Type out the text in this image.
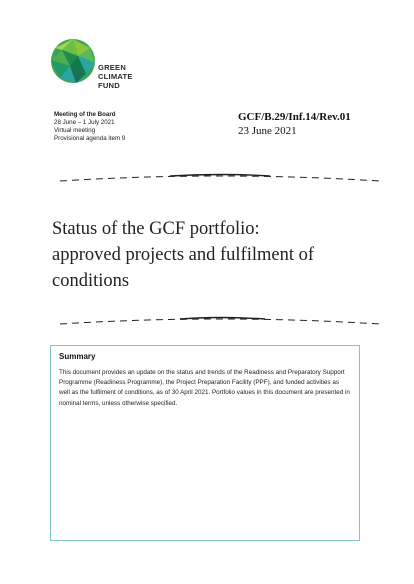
GREEN
CLIMATE
FUND
Meeting of the Board
28 June – 1 July 2021
Virtual meeting
Provisional agenda item 9
GCF/B.29/Inf.14/Rev.01
23 June 2021
Status of the GCF portfolio:
approved projects and fulfilment of
conditions
Summary
This document provides an update on the status and trends of the Readiness and Preparatory Support Programme (Readiness Programme), the Project Preparation Facility (PPF), and funded activities as well as the fulfilment of conditions, as of 30 April 2021. Portfolio values in this document are presented in nominal terms, unless otherwise specified.
